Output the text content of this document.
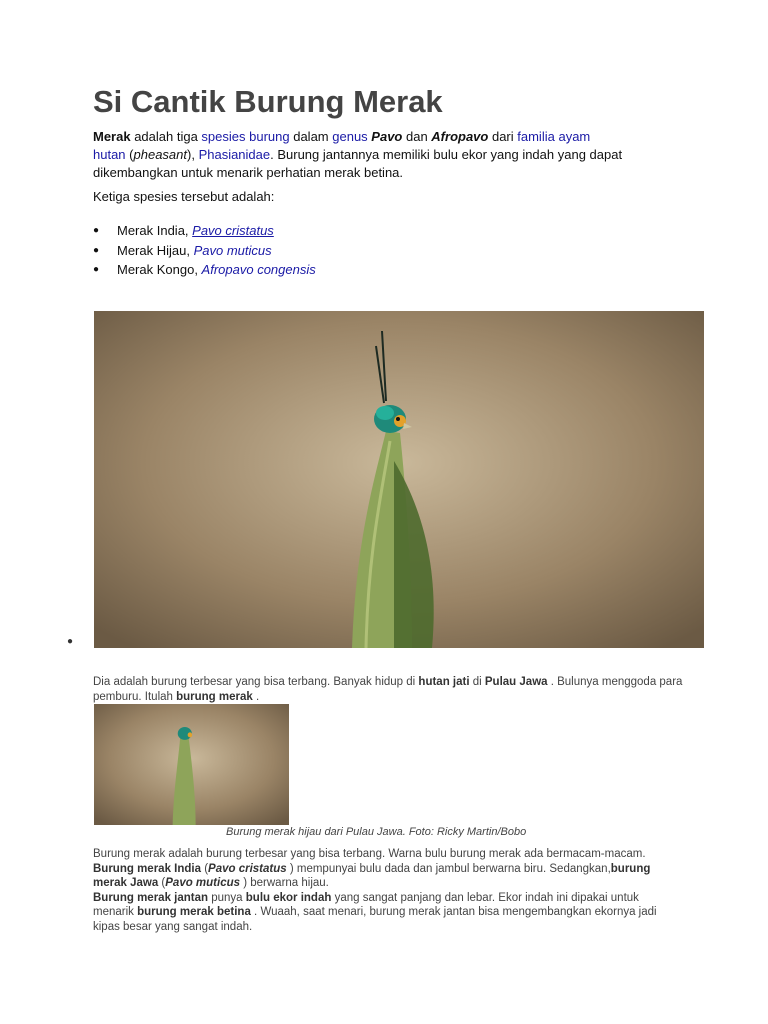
Si Cantik Burung Merak

Merak adalah tiga spesies burung dalam genus Pavo dan Afropavo dari familia ayam
hutan (pheasant), Phasianidae. Burung jantannya memiliki bulu ekor yang indah yang dapat dikembangkan untuk menarik perhatian merak betina.

Ketiga spesies tersebut adalah:

● Merak India, Pavo cristatus
● Merak Hijau, Pavo muticus
● Merak Kongo, Afropavo congensis
●

Dia adalah burung terbesar yang bisa terbang. Banyak hidup di hutan jati di Pulau Jawa . Bulunya menggoda para pemburu. Itulah burung merak .

Burung merak hijau dari Pulau Jawa. Foto: Ricky Martin/Bobo

Burung merak adalah burung terbesar yang bisa terbang. Warna bulu burung merak ada bermacam-macam. Burung merak India (Pavo cristatus ) mempunyai bulu dada dan jambul berwarna biru. Sedangkan,burung merak Jawa (Pavo muticus ) berwarna hijau.
Burung merak jantan punya bulu ekor indah yang sangat panjang dan lebar. Ekor indah ini dipakai untuk menarik burung merak betina . Wuaah, saat menari, burung merak jantan bisa mengembangkan ekornya jadi kipas besar yang sangat indah.
